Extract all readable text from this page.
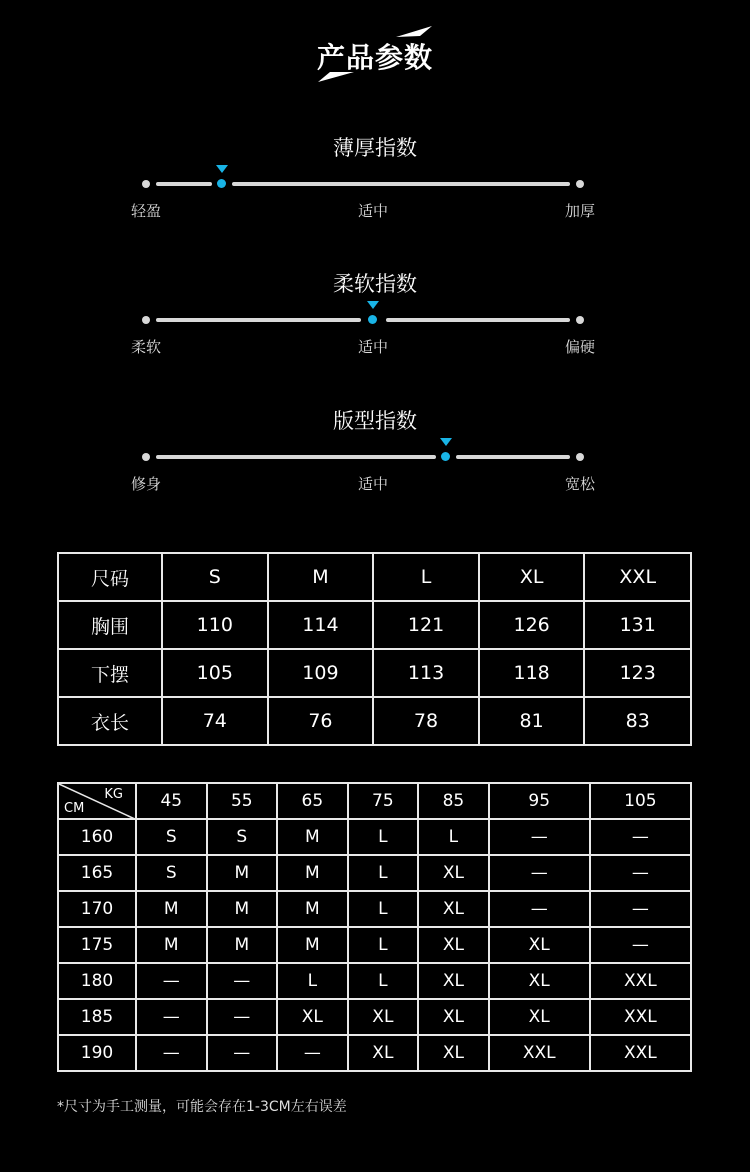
产品参数
薄厚指数
轻盈	适中	加厚
柔软指数
柔软	适中	偏硬
版型指数
修身	适中	宽松
尺码	S	M	L	XL	XXL
胸围	110	114	121	126	131
下摆	105	109	113	118	123
衣长	74	76	78	81	83
KG
CM	45	55	65	75	85	95	105
160	S	S	M	L	L	—	—
165	S	M	M	L	XL	—	—
170	M	M	M	L	XL	—	—
175	M	M	M	L	XL	XL	—
180	—	—	L	L	XL	XL	XXL
185	—	—	XL	XL	XL	XL	XXL
190	—	—	—	XL	XL	XXL	XXL
*尺寸为手工测量，可能会存在1-3CM左右误差
